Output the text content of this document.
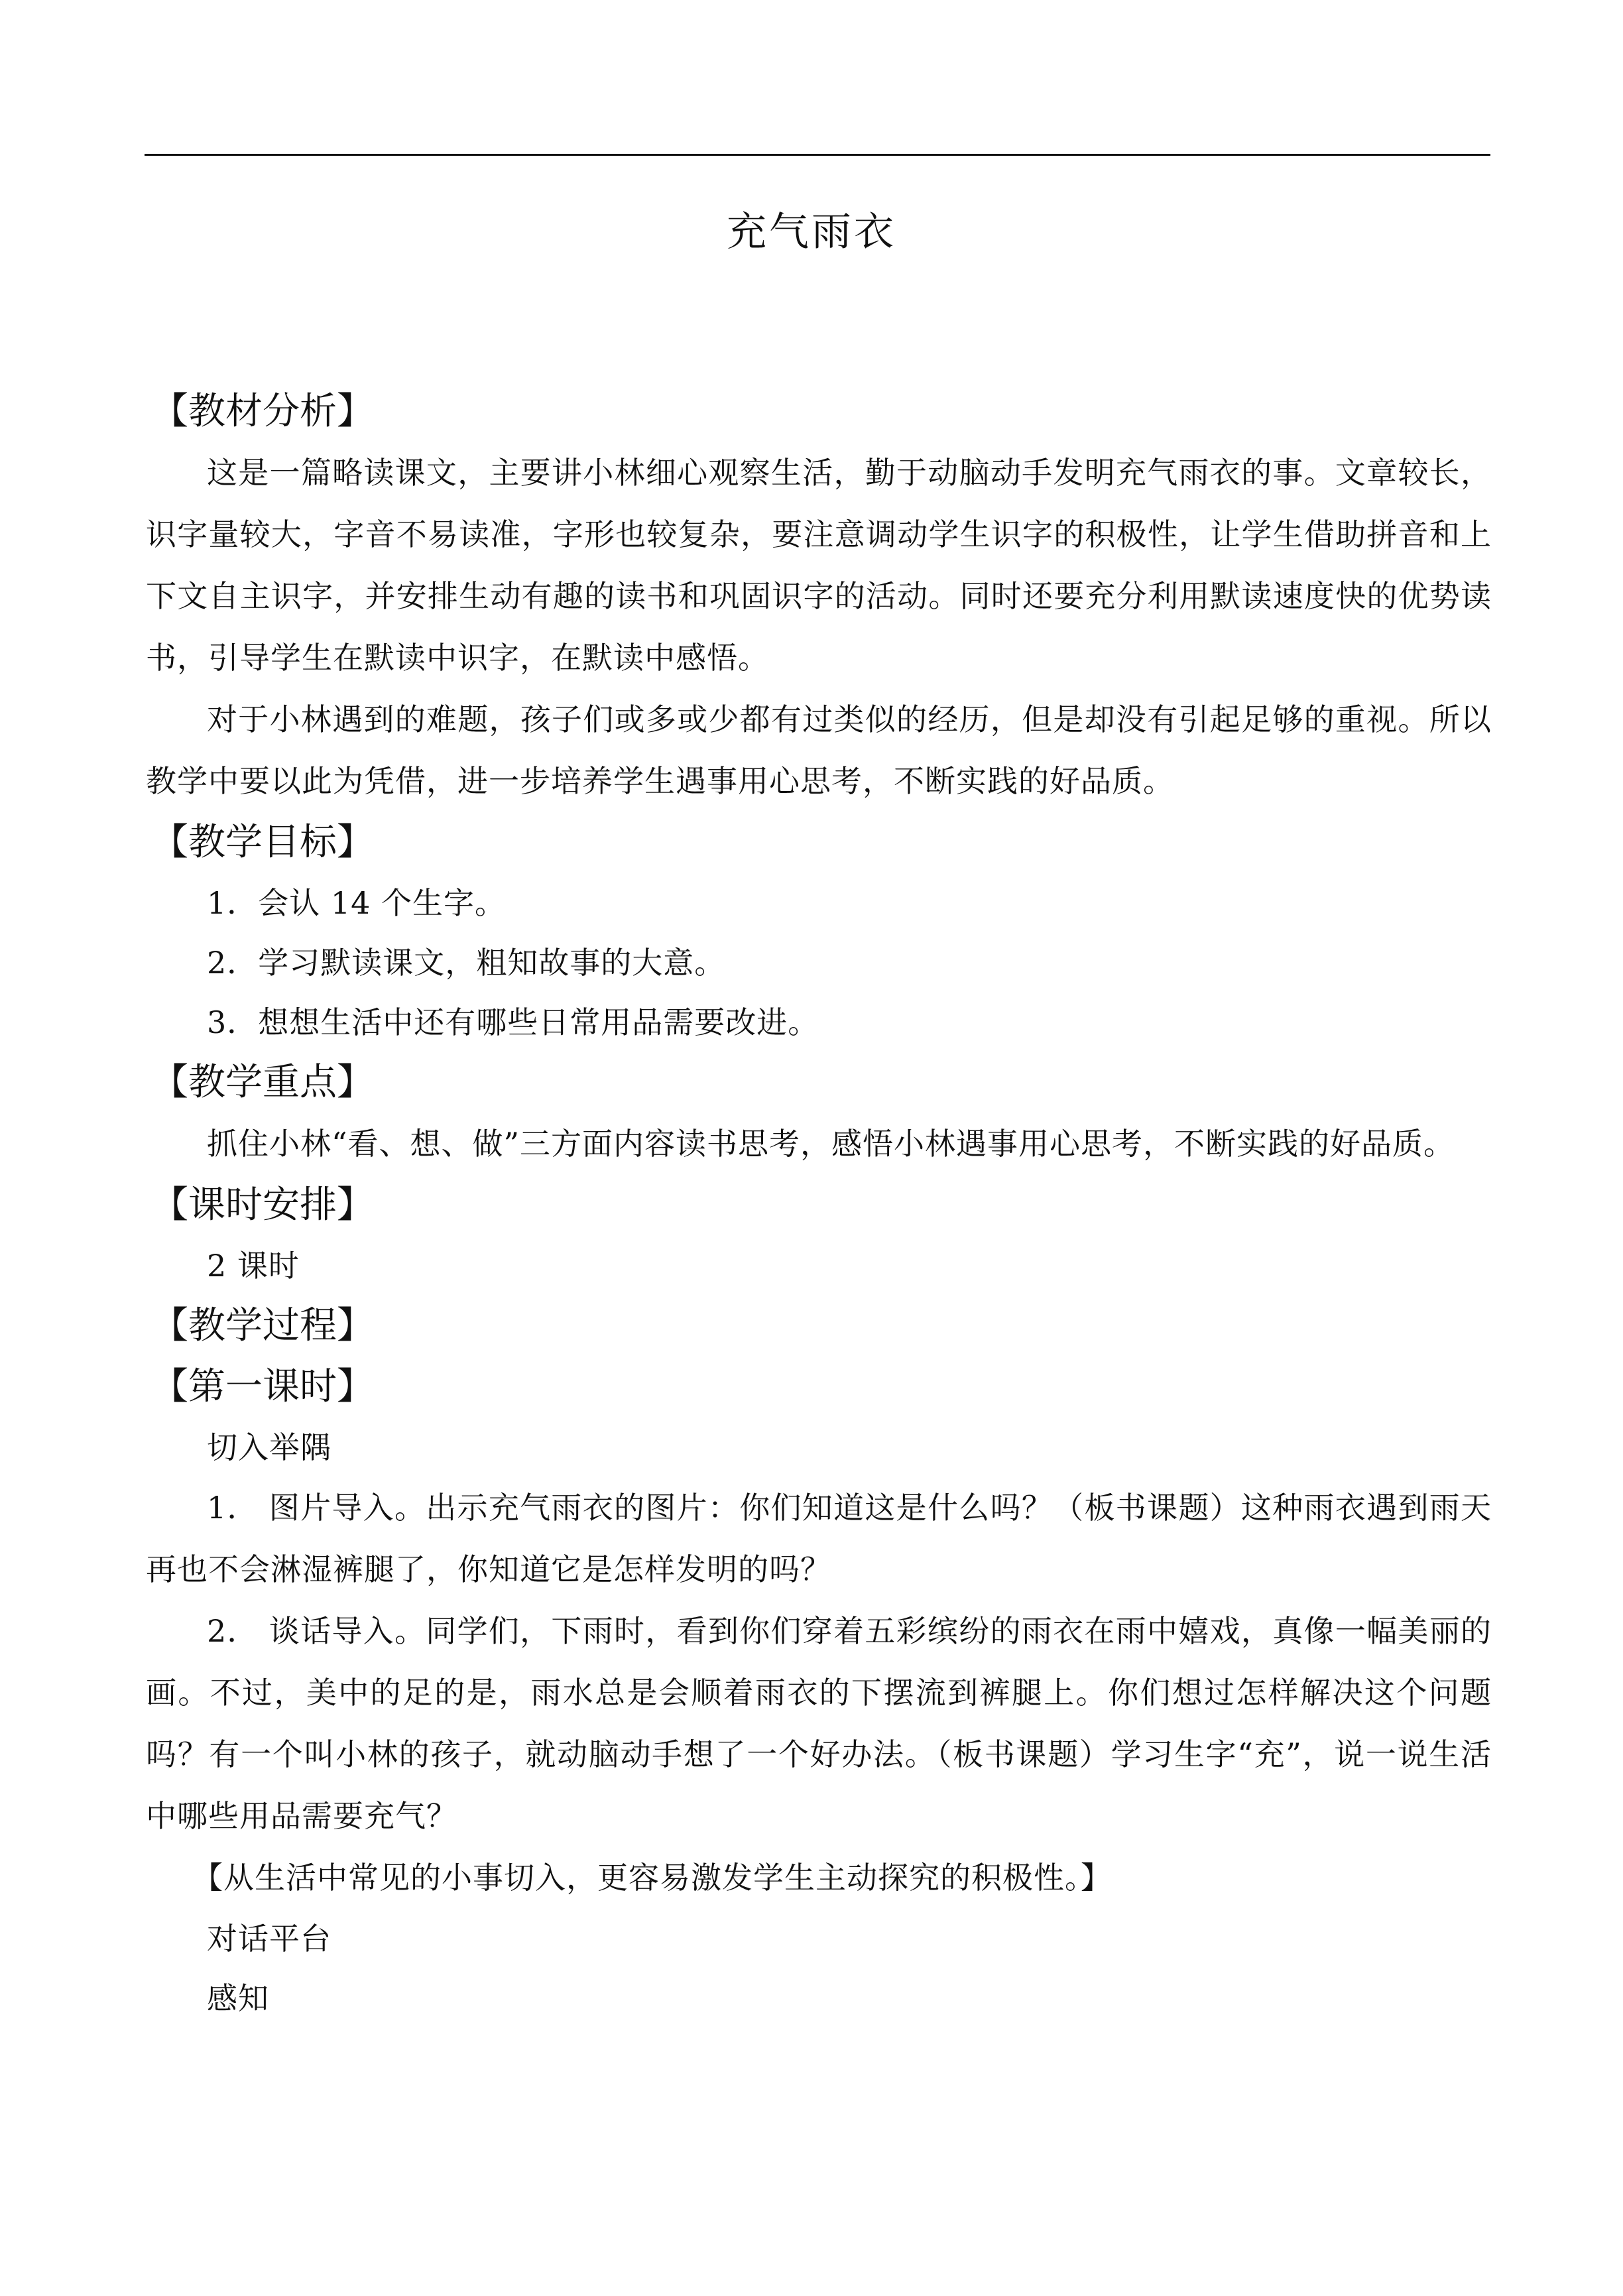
充气雨衣

【教材分析】

这是一篇略读课文，主要讲小林细心观察生活，勤于动脑动手发明充气雨衣的事。文章较长，识字量较大，字音不易读准，字形也较复杂，要注意调动学生识字的积极性，让学生借助拼音和上下文自主识字，并安排生动有趣的读书和巩固识字的活动。同时还要充分利用默读速度快的优势读书，引导学生在默读中识字，在默读中感悟。

对于小林遇到的难题，孩子们或多或少都有过类似的经历，但是却没有引起足够的重视。所以教学中要以此为凭借，进一步培养学生遇事用心思考，不断实践的好品质。

【教学目标】

1．会认 14 个生字。

2．学习默读课文，粗知故事的大意。

3．想想生活中还有哪些日常用品需要改进。

【教学重点】

抓住小林“看、想、做”三方面内容读书思考，感悟小林遇事用心思考，不断实践的好品质。

【课时安排】

2 课时

【教学过程】

【第一课时】

切入举隅

1． 图片导入。出示充气雨衣的图片：你们知道这是什么吗？（板书课题）这种雨衣遇到雨天再也不会淋湿裤腿了，你知道它是怎样发明的吗？

2． 谈话导入。同学们，下雨时，看到你们穿着五彩缤纷的雨衣在雨中嬉戏，真像一幅美丽的画。不过，美中的足的是，雨水总是会顺着雨衣的下摆流到裤腿上。你们想过怎样解决这个问题吗？有一个叫小林的孩子，就动脑动手想了一个好办法。（板书课题）学习生字“充”，说一说生活中哪些用品需要充气？

【从生活中常见的小事切入，更容易激发学生主动探究的积极性。】

对话平台

感知
